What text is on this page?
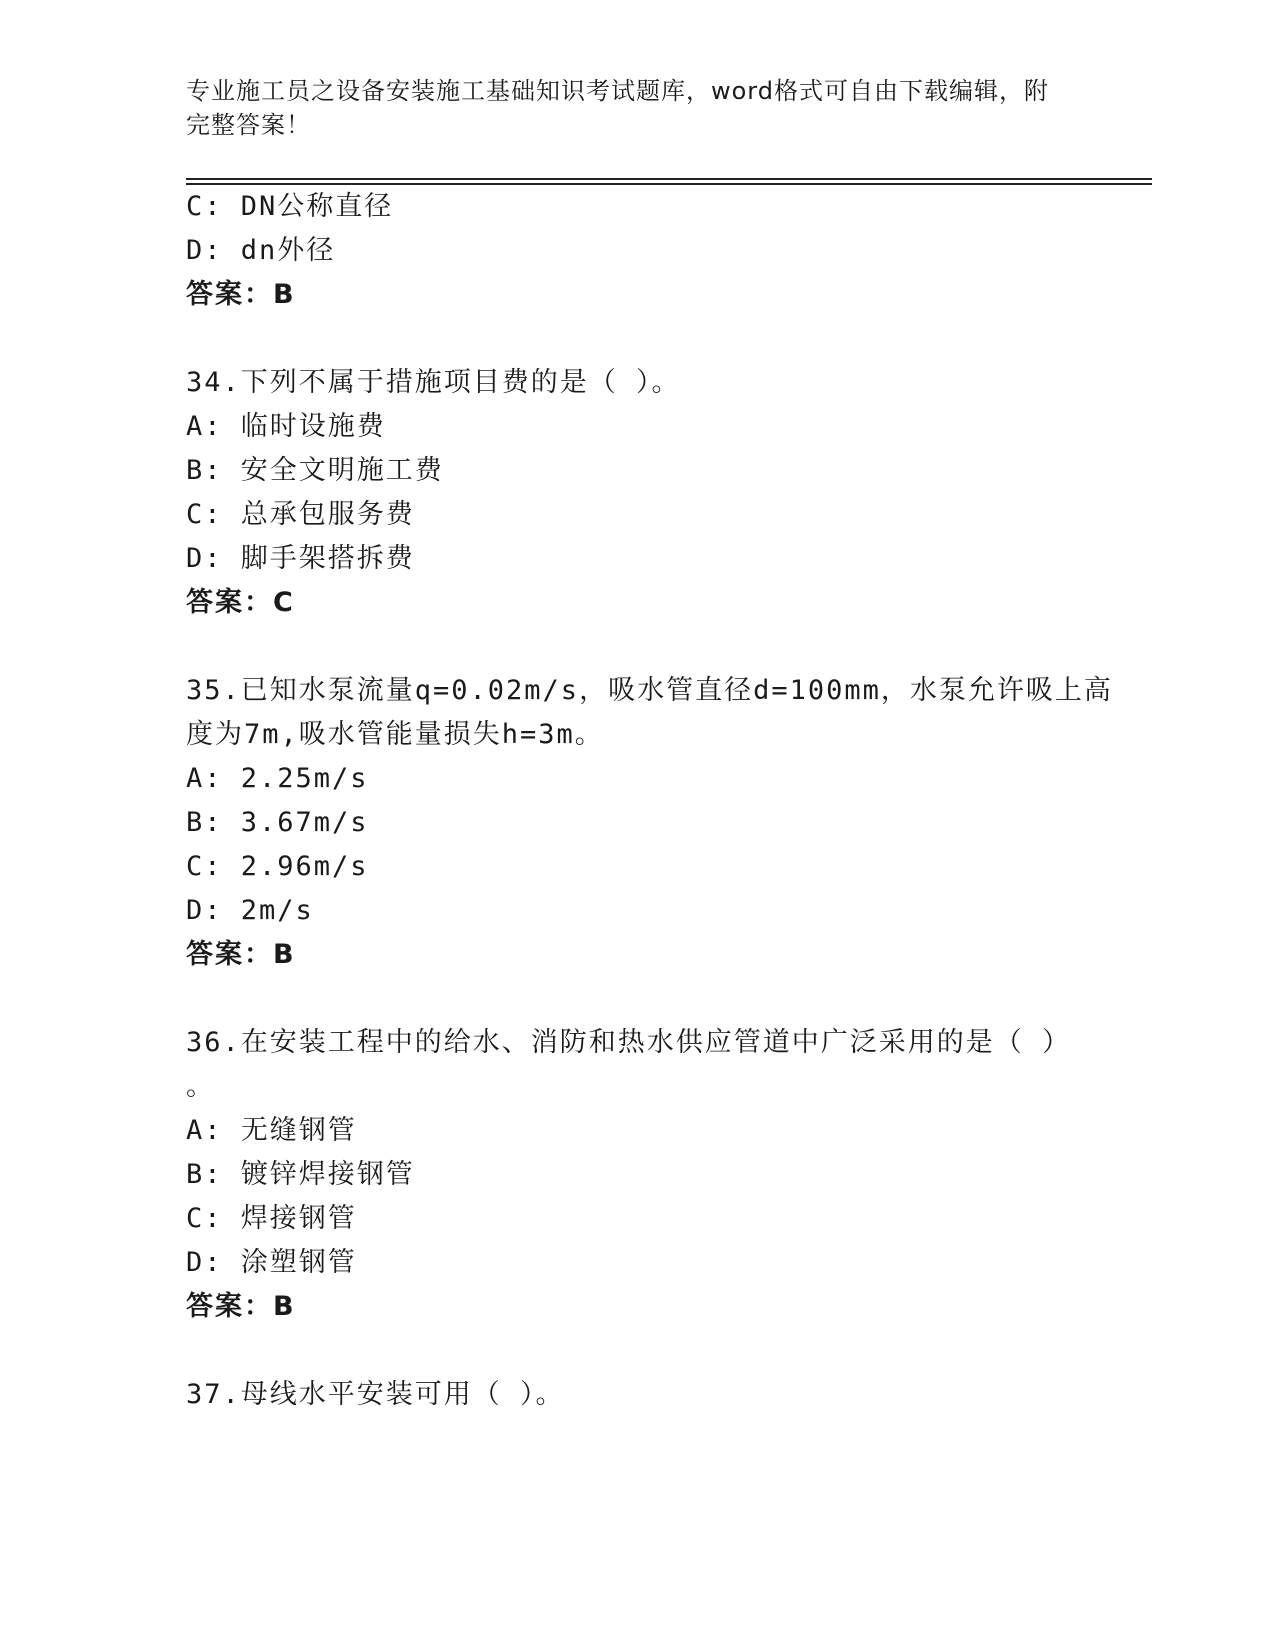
专业施工员之设备安装施工基础知识考试题库，word格式可自由下载编辑，附完整答案！
C: DN公称直径
D: dn外径
答案：B
34.下列不属于措施项目费的是（ ）。
A: 临时设施费
B: 安全文明施工费
C: 总承包服务费
D: 脚手架搭拆费
答案：C
35.已知水泵流量q=0.02m/s，吸水管直径d=100mm，水泵允许吸上高
度为7m,吸水管能量损失h=3m。
A: 2.25m/s
B: 3.67m/s
C: 2.96m/s
D: 2m/s
答案：B
36.在安装工程中的给水、消防和热水供应管道中广泛采用的是（ ）
。
A: 无缝钢管
B: 镀锌焊接钢管
C: 焊接钢管
D: 涂塑钢管
答案：B
37.母线水平安装可用（ ）。
